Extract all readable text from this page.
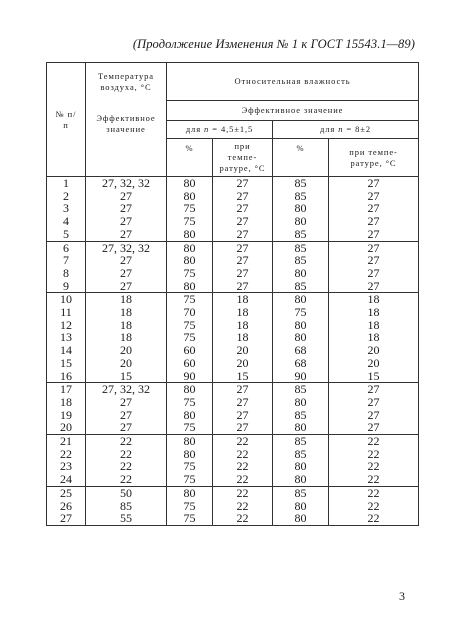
(Продолжение Изменения № 1 к ГОСТ 15543.1—89)
№ п/п	Температура воздуха, °С	Относительная влажность			
	Эффективное значение	Эффективное значение			
		для n = 4,5±1,5		для n = 8±2	
		%	при темпе- ратуре, °С	%	при темпе- ратуре, °С
1	27, 32, 32	80	27	85	27
2	27	80	27	85	27
3	27	75	27	80	27
4	27	75	27	80	27
5	27	80	27	85	27
6	27, 32, 32	80	27	85	27
7	27	80	27	85	27
8	27	75	27	80	27
9	27	80	27	85	27
10	18	75	18	80	18
11	18	70	18	75	18
12	18	75	18	80	18
13	18	75	18	80	18
14	20	60	20	68	20
15	20	60	20	68	20
16	15	90	15	90	15
17	27, 32, 32	80	27	85	27
18	27	75	27	80	27
19	27	80	27	85	27
20	27	75	27	80	27
21	22	80	22	85	22
22	22	80	22	85	22
23	22	75	22	80	22
24	22	75	22	80	22
25	50	80	22	85	22
26	85	75	22	80	22
27	55	75	22	80	22
3
